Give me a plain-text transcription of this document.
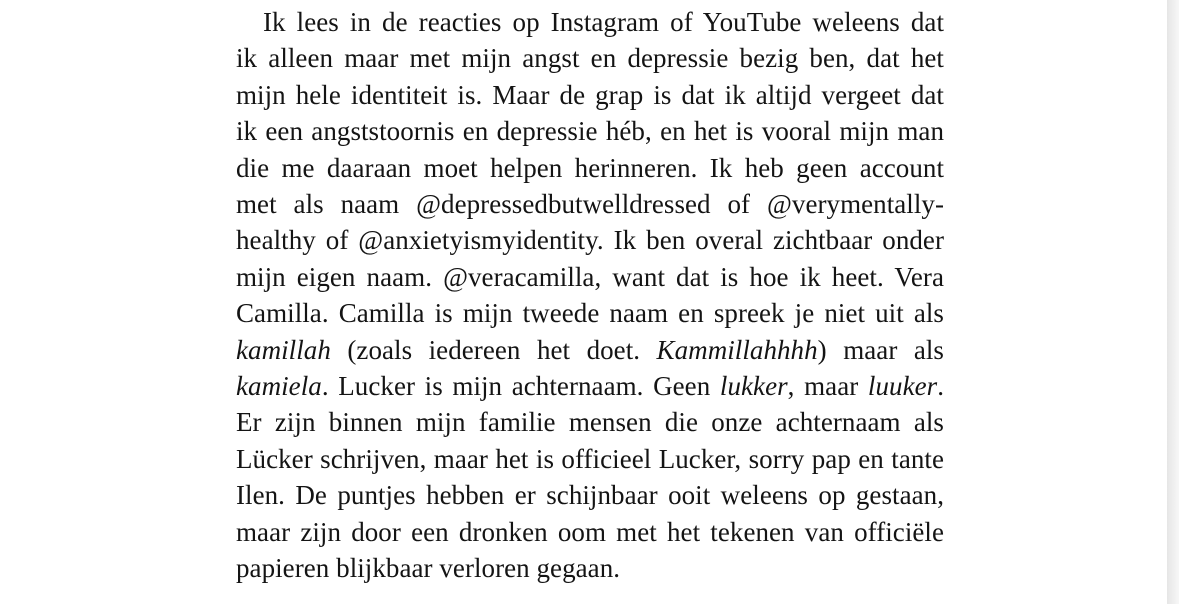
Ik lees in de reacties op Instagram of YouTube weleens dat
ik alleen maar met mijn angst en depressie bezig ben, dat het
mijn hele identiteit is. Maar de grap is dat ik altijd vergeet dat
ik een angststoornis en depressie héb, en het is vooral mijn man
die me daaraan moet helpen herinneren. Ik heb geen account
met als naam @depressedbutwelldressed of @verymentally-
healthy of @anxietyismyidentity. Ik ben overal zichtbaar onder
mijn eigen naam. @veracamilla, want dat is hoe ik heet. Vera
Camilla. Camilla is mijn tweede naam en spreek je niet uit als
kamillah (zoals iedereen het doet. Kammillahhhh) maar als
kamiela. Lucker is mijn achternaam. Geen lukker, maar luuker.
Er zijn binnen mijn familie mensen die onze achternaam als
Lücker schrijven, maar het is officieel Lucker, sorry pap en tante
Ilen. De puntjes hebben er schijnbaar ooit weleens op gestaan,
maar zijn door een dronken oom met het tekenen van officiële
papieren blijkbaar verloren gegaan.
